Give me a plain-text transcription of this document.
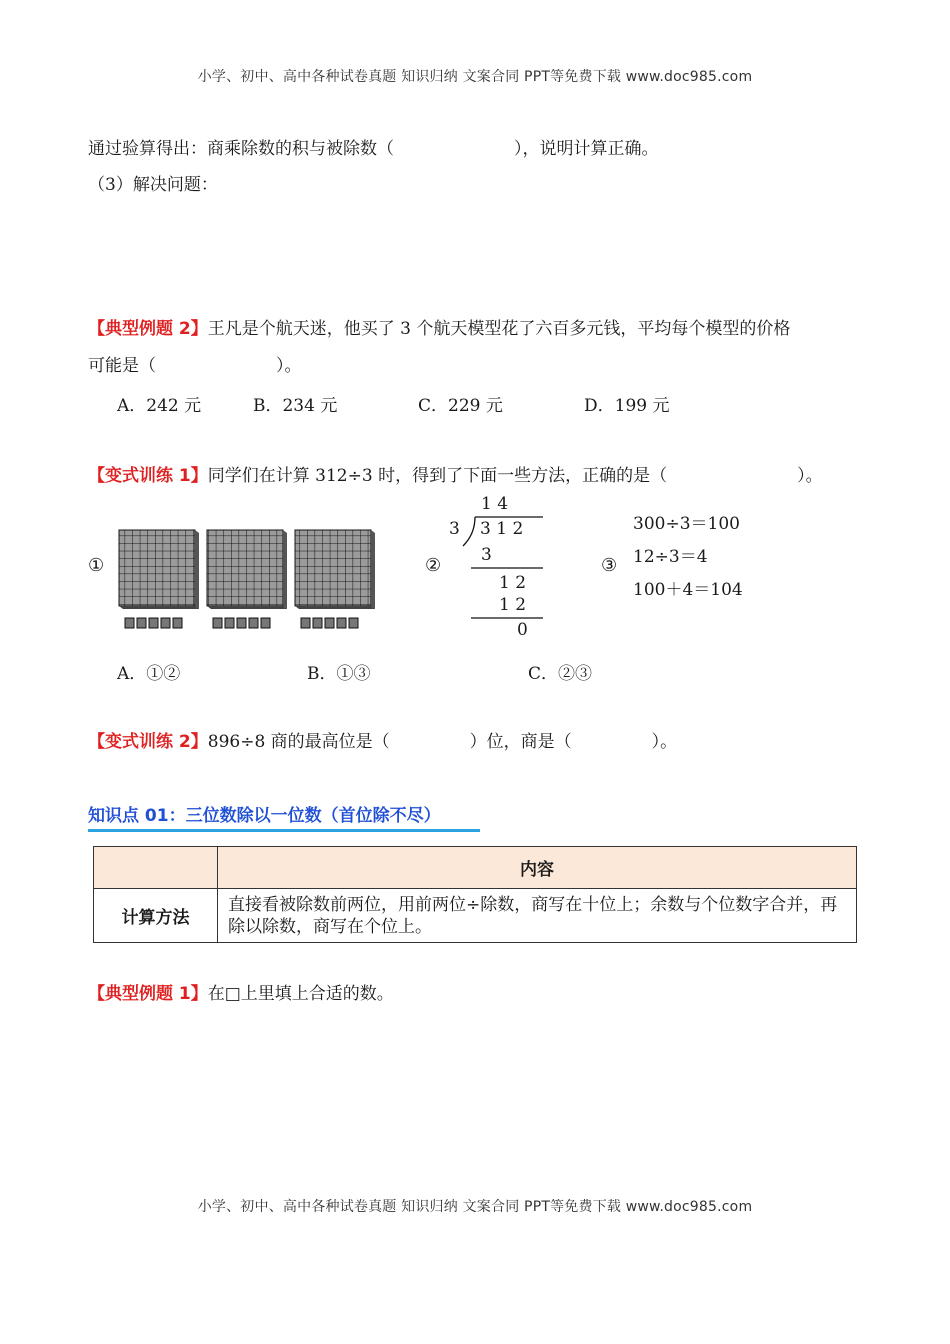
小学、初中、高中各种试卷真题 知识归纳 文案合同 PPT等免费下载 www.doc985.com
通过验算得出：商乘除数的积与被除数（	），说明计算正确。
（3）解决问题：
【典型例题 2】王凡是个航天迷，他买了 3 个航天模型花了六百多元钱，平均每个模型的价格
可能是（	）。
A．242 元	B．234 元	C．229 元	D．199 元
【变式训练 1】同学们在计算 312÷3 时，得到了下面一些方法，正确的是（	）。
①	②
1 4
3 3 1 2
3
1 2
1 2
0
③
300÷3＝100
12÷3＝4
100＋4＝104
A．①②	B．①③	C．②③
【变式训练 2】896÷8 商的最高位是（	）位，商是（	）。
知识点 01：三位数除以一位数（首位除不尽）
	内容
计算方法	直接看被除数前两位，用前两位÷除数，商写在十位上；余数与个位数字合并，再除以除数，商写在个位上。
【典型例题 1】在□上里填上合适的数。
小学、初中、高中各种试卷真题 知识归纳 文案合同 PPT等免费下载 www.doc985.com
